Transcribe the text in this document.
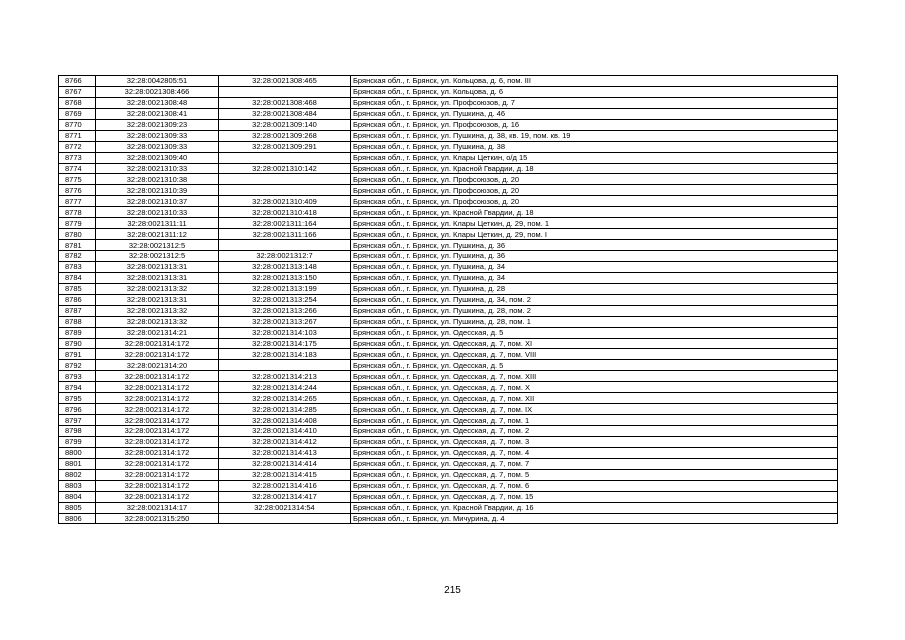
8766	32:28:0042805:51	32:28:0021308:465	Брянская обл., г. Брянск, ул. Кольцова, д. 6, пом. III
8767	32:28:0021308:466		Брянская обл., г. Брянск, ул. Кольцова, д. 6
8768	32:28:0021308:48	32:28:0021308:468	Брянская обл., г. Брянск, ул. Профсоюзов, д. 7
8769	32:28:0021308:41	32:28:0021308:484	Брянская обл., г. Брянск, ул. Пушкина, д. 46
8770	32:28:0021309:23	32:28:0021309:140	Брянская обл., г. Брянск, ул. Профсоюзов, д. 16
8771	32:28:0021309:33	32:28:0021309:268	Брянская обл., г. Брянск, ул. Пушкина, д. 38, кв. 19, пом. кв. 19
8772	32:28:0021309:33	32:28:0021309:291	Брянская обл., г. Брянск, ул. Пушкина, д. 38
8773	32:28:0021309:40		Брянская обл., г. Брянск, ул. Клары Цеткин, о/д 15
8774	32:28:0021310:33	32:28:0021310:142	Брянская обл., г. Брянск, ул. Красной Гвардии, д. 18
8775	32:28:0021310:38		Брянская обл., г. Брянск, ул. Профсоюзов, д. 20
8776	32:28:0021310:39		Брянская обл., г. Брянск, ул. Профсоюзов, д. 20
8777	32:28:0021310:37	32:28:0021310:409	Брянская обл., г. Брянск, ул. Профсоюзов, д. 20
8778	32:28:0021310:33	32:28:0021310:418	Брянская обл., г. Брянск, ул. Красной Гвардии, д. 18
8779	32:28:0021311:11	32:28:0021311:164	Брянская обл., г. Брянск, ул. Клары Цеткин, д. 29, пом. 1
8780	32:28:0021311:12	32:28:0021311:166	Брянская обл., г. Брянск, ул. Клары Цеткин, д. 29, пом. I
8781	32:28:0021312:5		Брянская обл., г. Брянск, ул. Пушкина, д. 36
8782	32:28:0021312:5	32:28:0021312:7	Брянская обл., г. Брянск, ул. Пушкина, д. 36
8783	32:28:0021313:31	32:28:0021313:148	Брянская обл., г. Брянск, ул. Пушкина, д. 34
8784	32:28:0021313:31	32:28:0021313:150	Брянская обл., г. Брянск, ул. Пушкина, д. 34
8785	32:28:0021313:32	32:28:0021313:199	Брянская обл., г. Брянск, ул. Пушкина, д. 28
8786	32:28:0021313:31	32:28:0021313:254	Брянская обл., г. Брянск, ул. Пушкина, д. 34, пом. 2
8787	32:28:0021313:32	32:28:0021313:266	Брянская обл., г. Брянск, ул. Пушкина, д. 28, пом. 2
8788	32:28:0021313:32	32:28:0021313:267	Брянская обл., г. Брянск, ул. Пушкина, д. 28, пом. 1
8789	32:28:0021314:21	32:28:0021314:103	Брянская обл., г. Брянск, ул. Одесская, д. 5
8790	32:28:0021314:172	32:28:0021314:175	Брянская обл., г. Брянск, ул. Одесская, д. 7, пом. XI
8791	32:28:0021314:172	32:28:0021314:183	Брянская обл., г. Брянск, ул. Одесская, д. 7, пом. VIII
8792	32:28:0021314:20		Брянская обл., г. Брянск, ул. Одесская, д. 5
8793	32:28:0021314:172	32:28:0021314:213	Брянская обл., г. Брянск, ул. Одесская, д. 7, пом. XIII
8794	32:28:0021314:172	32:28:0021314:244	Брянская обл., г. Брянск, ул. Одесская, д. 7, пом. X
8795	32:28:0021314:172	32:28:0021314:265	Брянская обл., г. Брянск, ул. Одесская, д. 7, пом. XII
8796	32:28:0021314:172	32:28:0021314:285	Брянская обл., г. Брянск, ул. Одесская, д. 7, пом. IX
8797	32:28:0021314:172	32:28:0021314:408	Брянская обл., г. Брянск, ул. Одесская, д. 7, пом. 1
8798	32:28:0021314:172	32:28:0021314:410	Брянская обл., г. Брянск, ул. Одесская, д. 7, пом. 2
8799	32:28:0021314:172	32:28:0021314:412	Брянская обл., г. Брянск, ул. Одесская, д. 7, пом. 3
8800	32:28:0021314:172	32:28:0021314:413	Брянская обл., г. Брянск, ул. Одесская, д. 7, пом. 4
8801	32:28:0021314:172	32:28:0021314:414	Брянская обл., г. Брянск, ул. Одесская, д. 7, пом. 7
8802	32:28:0021314:172	32:28:0021314:415	Брянская обл., г. Брянск, ул. Одесская, д. 7, пом. 5
8803	32:28:0021314:172	32:28:0021314:416	Брянская обл., г. Брянск, ул. Одесская, д. 7, пом. 6
8804	32:28:0021314:172	32:28:0021314:417	Брянская обл., г. Брянск, ул. Одесская, д. 7, пом. 15
8805	32:28:0021314:17	32:28:0021314:54	Брянская обл., г. Брянск, ул. Красной Гвардии, д. 16
8806	32:28:0021315:250		Брянская обл., г. Брянск, ул. Мичурина, д. 4
215
